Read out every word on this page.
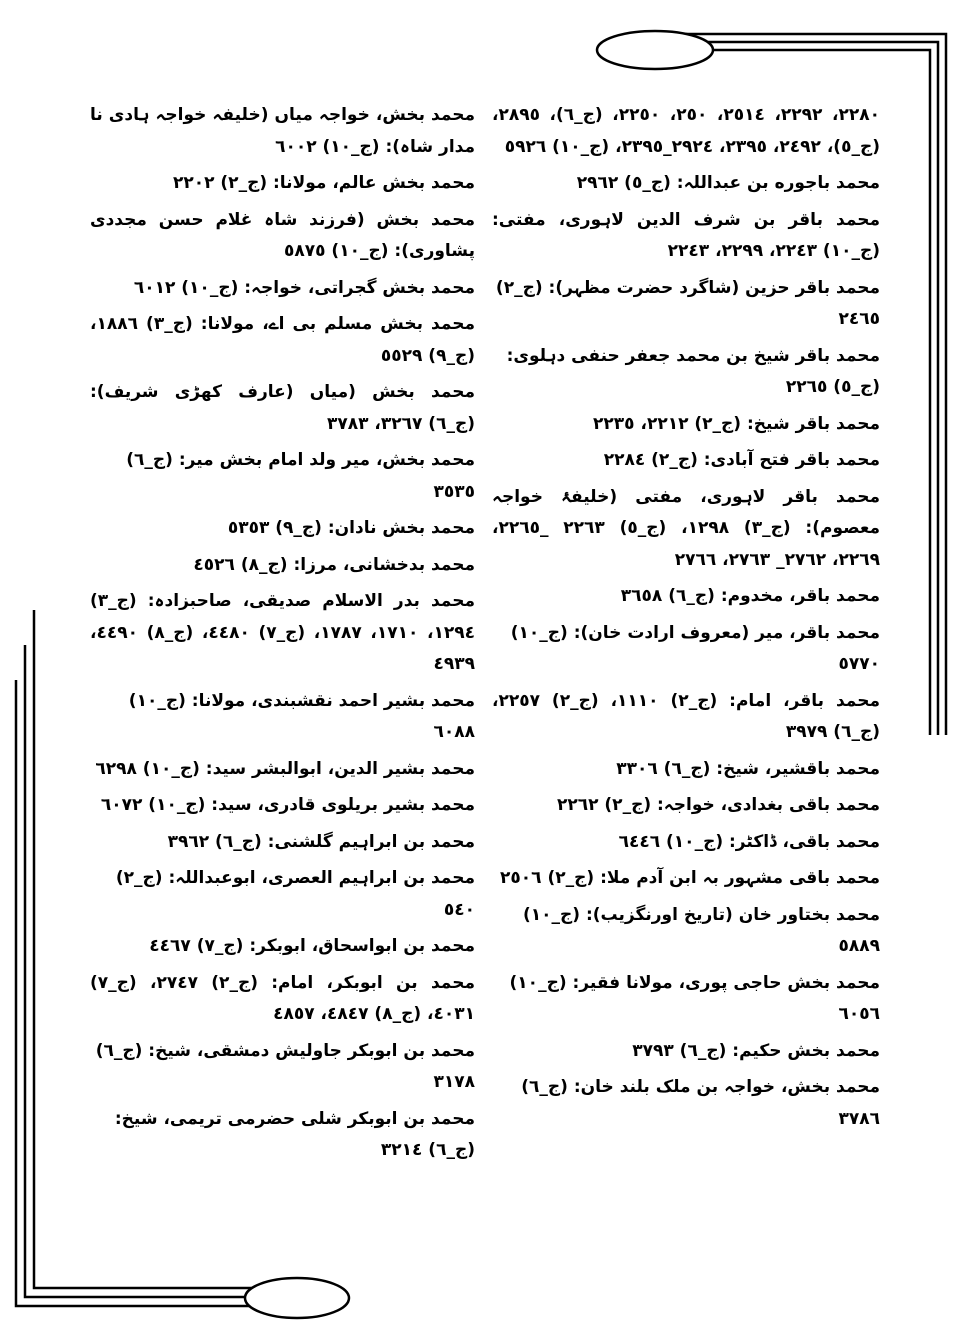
٢٢٨٠، ٢٢٩٢، ٢٥١٤، ٢٥٠، ٢٢٥٠، (ج_٦)، ٢٨٩٥، (ج_٥)، ٢٤٩٢، ٢٣٩٥، ٢٩٢٤_٢٣٩٥، (ج_١٠) ٥٩٢٦
محمد باجوره بن عبداللہ: (ج_٥) ٢٩٦٢
محمد باقر بن شرف الدین لاہوری، مفتی: (ج_١٠) ٢٢٤٣، ٢٢٩٩، ٢٢٤٣
محمد باقر حزین (شاگرد حضرت مظہر): (ج_٢) ٢٤٦٥
محمد باقر شیخ بن محمد جعفر حنفی دہلوی: (ج_٥) ٢٢٦٥
محمد باقر شیخ: (ج_٢) ٢٢١٢، ٢٢٣٥
محمد باقر فتح آبادی: (ج_٢) ٢٢٨٤
محمد باقر لاہوری، مفتی (خلیفۂ خواجہ معصوم): (ج_٣) ١٢٩٨، (ج_٥) ٢٢٦٣ _٢٢٦٥، ٢٢٦٩، ٢٧٦٢_ ٢٧٦٣، ٢٧٦٦
محمد باقر، مخدوم: (ج_٦) ٣٦٥٨
محمد باقر، میر (معروف ارادت خان): (ج_١٠) ٥٧٧٠
محمد باقر، امام: (ج_٢) ١١١٠، (ج_٢) ٢٢٥٧، (ج_٦) ٣٩٧٩
محمد باقشیر، شیخ: (ج_٦) ٣٣٠٦
محمد باقی بغدادی، خواجہ: (ج_٢) ٢٢٦٢
محمد باقی، ڈاکٹر: (ج_١٠) ٦٤٤٦
محمد باقی مشہور بہ ابن آدم ملا: (ج_٢) ٢٥٠٦
محمد بختاور خان (تاریخ اورنگزیب): (ج_١٠) ٥٨٨٩
محمد بخش حاجی پوری، مولانا فقیر: (ج_١٠) ٦٠٥٦
محمد بخش حکیم: (ج_٦) ٣٧٩٣
محمد بخش، خواجہ بن ملک بلند خان: (ج_٦) ٣٧٨٦
محمد بخش، خواجہ میاں (خلیفہ خواجہ ہادی نا مدار شاہ): (ج_١٠) ٦٠٠٢
محمد بخش عالم، مولانا: (ج_٢) ٢٢٠٢
محمد بخش (فرزند شاہ غلام حسن مجددی پشاوری): (ج_١٠) ٥٨٧٥
محمد بخش گجراتی، خواجہ: (ج_١٠) ٦٠١٢
محمد بخش مسلم بی اے، مولانا: (ج_٣) ١٨٨٦، (ج_٩) ٥٥٢٩
محمد بخش (میاں (عارف کھڑی شریف): (ج_٦) ٣٢٦٧، ٣٧٨٣
محمد بخش، میر ولد امام بخش میر: (ج_٦) ٣٥٣٥
محمد بخش نادان: (ج_٩) ٥٣٥٣
محمد بدخشانی، مرزا: (ج_٨) ٤٥٢٦
محمد بدر الاسلام صدیقی، صاحبزادہ: (ج_٣) ١٢٩٤، ١٧١٠، ١٧٨٧، (ج_٧) ٤٤٨٠، (ج_٨) ٤٤٩٠، ٤٩٣٩
محمد بشیر احمد نقشبندی، مولانا: (ج_١٠) ٦٠٨٨
محمد بشیر الدین، ابوالبشر سید: (ج_١٠) ٦٢٩٨
محمد بشیر بریلوی قادری، سید: (ج_١٠) ٦٠٧٢
محمد بن ابراہیم گلشنی: (ج_٦) ٣٩٦٢
محمد بن ابراہیم العصری، ابوعبداللہ: (ج_٢) ٥٤٠
محمد بن ابواسحاق، ابوبکر: (ج_٧) ٤٤٦٧
محمد بن ابوبکر، امام: (ج_٢) ٢٧٤٧، (ج_٧) ٤٠٣١، (ج_٨) ٤٨٤٧، ٤٨٥٧
محمد بن ابوبکر جاولیش دمشقی، شیخ: (ج_٦) ٣١٧٨
محمد بن ابوبکر شلی حضرمی تریمی، شیخ: (ج_٦) ٣٢١٤
